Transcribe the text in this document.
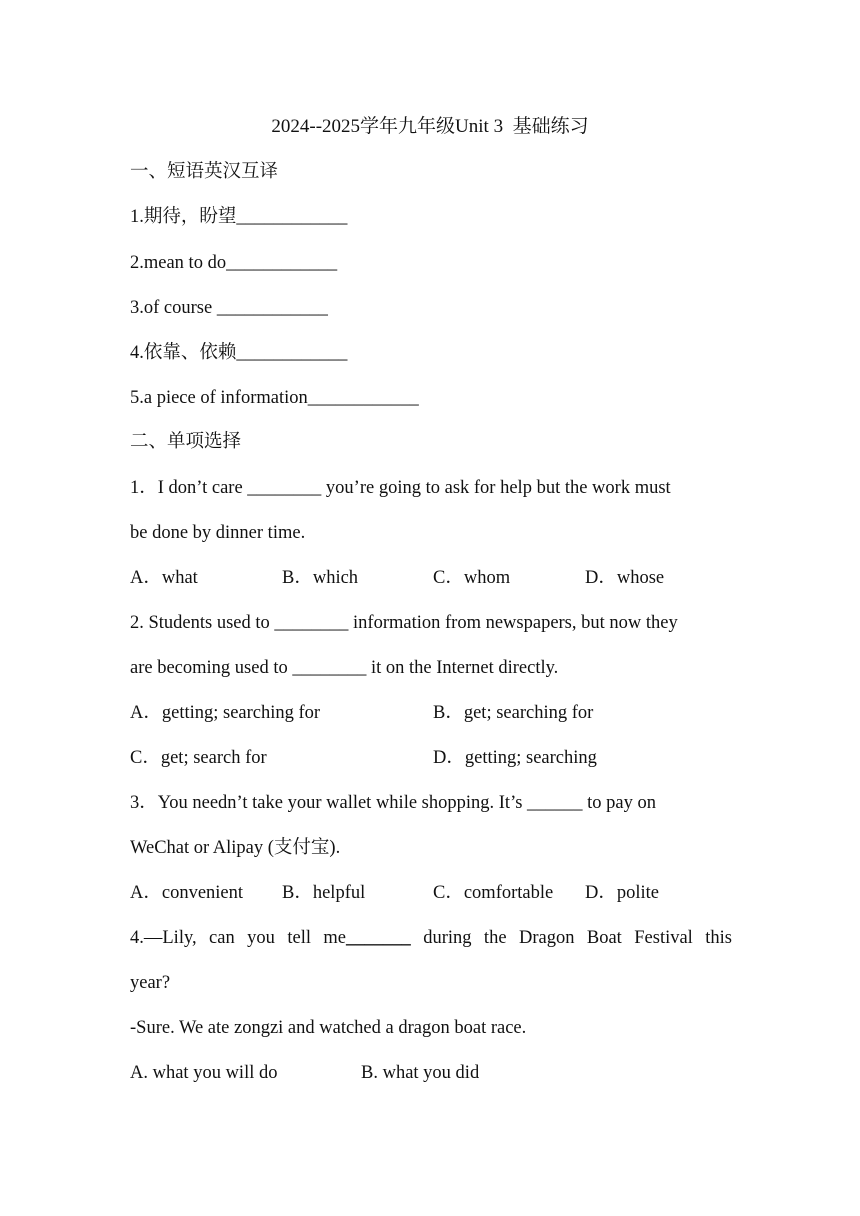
2024--2025学年九年级Unit 3  基础练习
一、短语英汉互译
1.期待，盼望____________
2.mean to do____________
3.of course ____________
4.依靠、依赖____________
5.a piece of information____________
二、单项选择
1．I don’t care ________ you’re going to ask for help but the work must
be done by dinner time.
A．what	B．which	C．whom	D．whose
2. Students used to ________ information from newspapers, but now they
are becoming used to ________ it on the Internet directly.
A．getting; searching for	B．get; searching for
C．get; search for	D．getting; searching
3．You needn’t take your wallet while shopping. It’s ______ to pay on
WeChat or Alipay (支付宝).
A．convenient B．helpful	C．comfortable D．polite
4.—Lily, can you tell me_______ during the Dragon Boat Festival this
year?
-Sure. We ate zongzi and watched a dragon boat race.
A. what you will do	B. what you did
